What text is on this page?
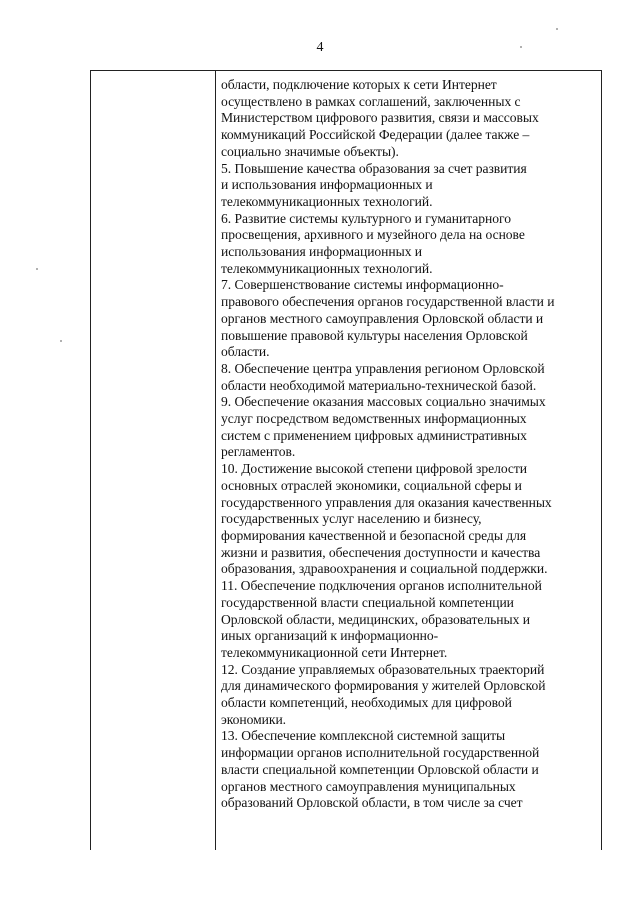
4
области, подключение которых к сети Интернет
осуществлено в рамках соглашений, заключенных с
Министерством цифрового развития, связи и массовых
коммуникаций Российской Федерации (далее также –
социально значимые объекты).
5. Повышение качества образования за счет развития
и использования информационных и
телекоммуникационных технологий.
6. Развитие системы культурного и гуманитарного
просвещения, архивного и музейного дела на основе
использования информационных и
телекоммуникационных технологий.
7. Совершенствование системы информационно-
правового обеспечения органов государственной власти и
органов местного самоуправления Орловской области и
повышение правовой культуры населения Орловской
области.
8. Обеспечение центра управления регионом Орловской
области необходимой материально-технической базой.
9. Обеспечение оказания массовых социально значимых
услуг посредством ведомственных информационных
систем с применением цифровых административных
регламентов.
10. Достижение высокой степени цифровой зрелости
основных отраслей экономики, социальной сферы и
государственного управления для оказания качественных
государственных услуг населению и бизнесу,
формирования качественной и безопасной среды для
жизни и развития, обеспечения доступности и качества
образования, здравоохранения и социальной поддержки.
11. Обеспечение подключения органов исполнительной
государственной власти специальной компетенции
Орловской области, медицинских, образовательных и
иных организаций к информационно-
телекоммуникационной сети Интернет.
12. Создание управляемых образовательных траекторий
для динамического формирования у жителей Орловской
области компетенций, необходимых для цифровой
экономики.
13. Обеспечение комплексной системной защиты
информации органов исполнительной государственной
власти специальной компетенции Орловской области и
органов местного самоуправления муниципальных
образований Орловской области, в том числе за счет
